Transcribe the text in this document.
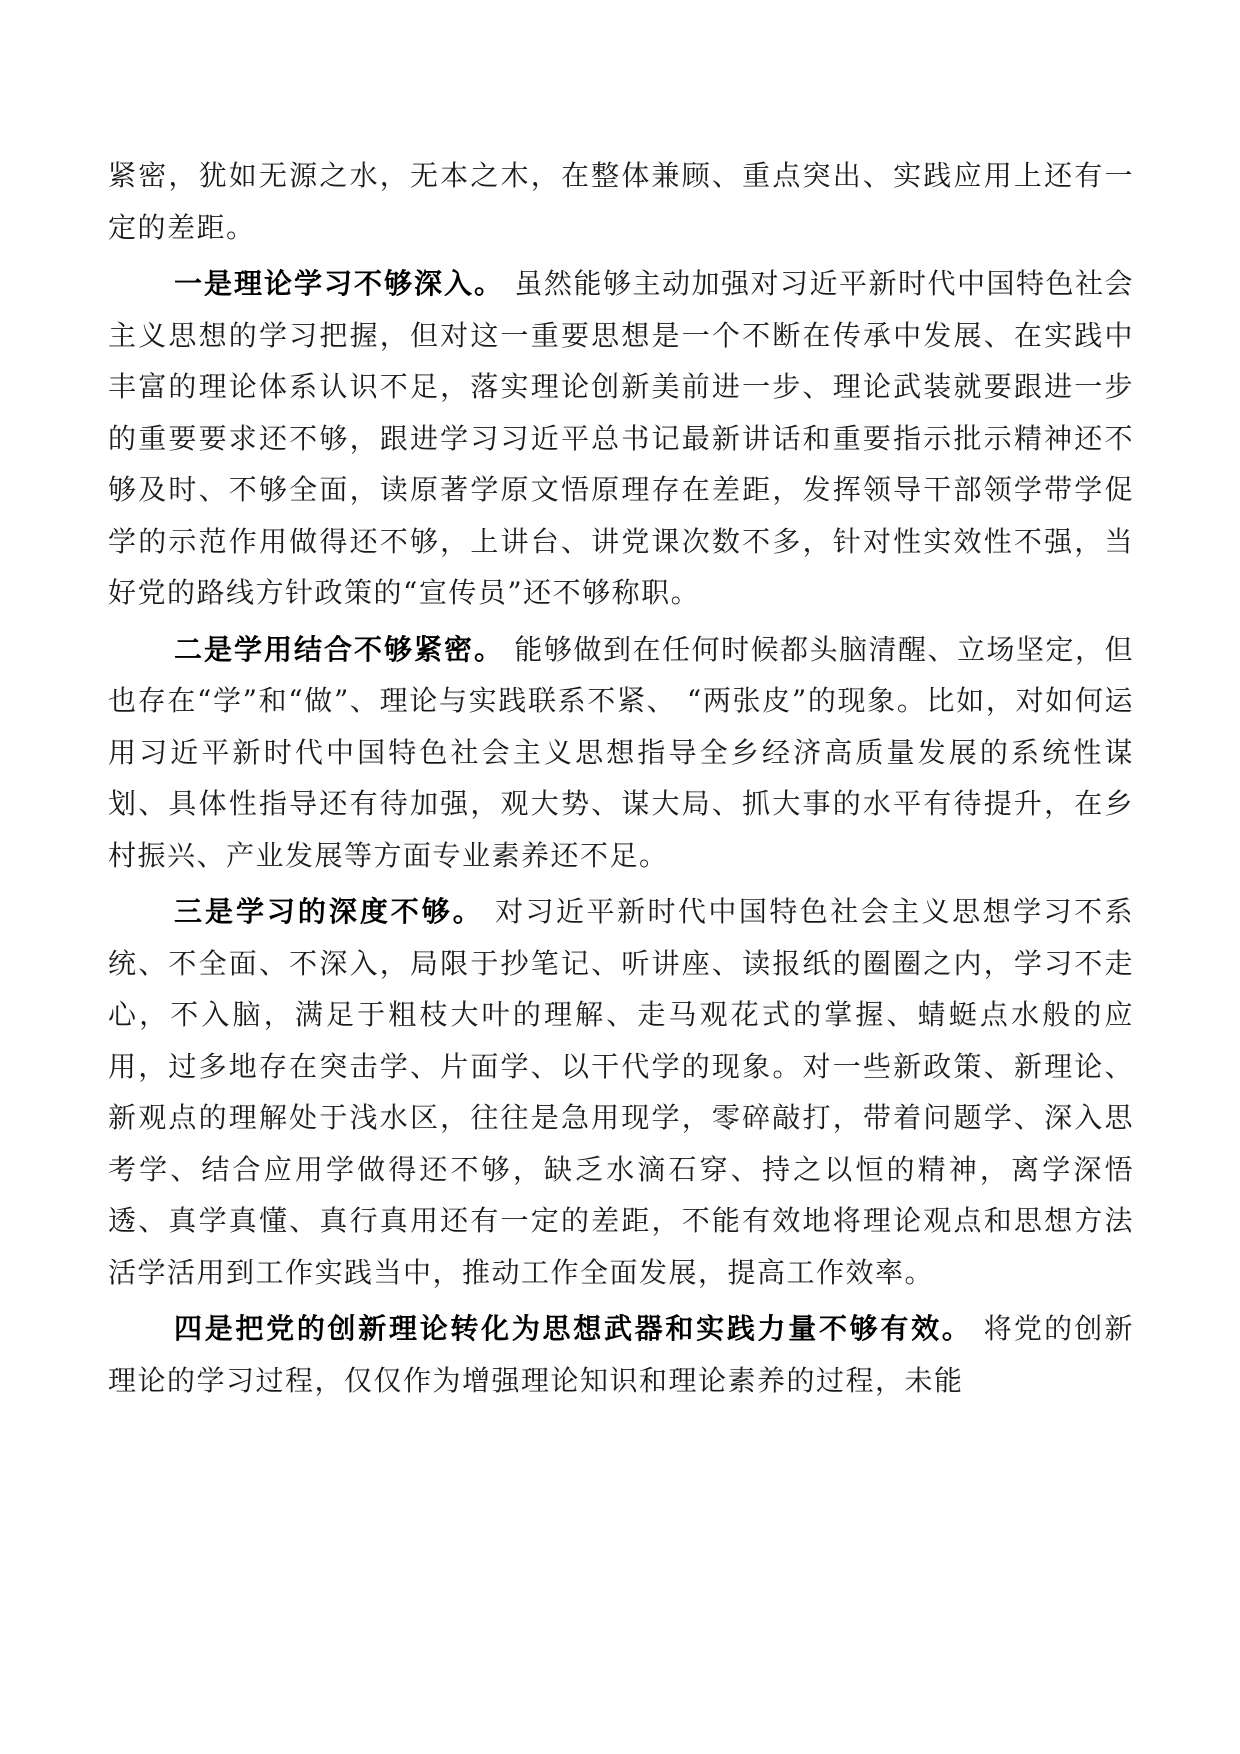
紧密，犹如无源之水，无本之木，在整体兼顾、重点突出、实践应用上还有一定的差距。

一是理论学习不够深入。 虽然能够主动加强对习近平新时代中国特色社会主义思想的学习把握，但对这一重要思想是一个不断在传承中发展、在实践中丰富的理论体系认识不足，落实理论创新美前进一步、理论武装就要跟进一步的重要要求还不够，跟进学习习近平总书记最新讲话和重要指示批示精神还不够及时、不够全面，读原著学原文悟原理存在差距，发挥领导干部领学带学促学的示范作用做得还不够，上讲台、讲党课次数不多，针对性实效性不强，当好党的路线方针政策的“宣传员”还不够称职。

二是学用结合不够紧密。 能够做到在任何时候都头脑清醒、立场坚定，但也存在“学”和“做”、理论与实践联系不紧、 “两张皮”的现象。比如，对如何运用习近平新时代中国特色社会主义思想指导全乡经济高质量发展的系统性谋划、具体性指导还有待加强，观大势、谋大局、抓大事的水平有待提升，在乡村振兴、产业发展等方面专业素养还不足。

三是学习的深度不够。 对习近平新时代中国特色社会主义思想学习不系统、不全面、不深入，局限于抄笔记、听讲座、读报纸的圈圈之内，学习不走心，不入脑，满足于粗枝大叶的理解、走马观花式的掌握、蜻蜓点水般的应用，过多地存在突击学、片面学、以干代学的现象。对一些新政策、新理论、新观点的理解处于浅水区，往往是急用现学，零碎敲打，带着问题学、深入思考学、结合应用学做得还不够，缺乏水滴石穿、持之以恒的精神，离学深悟透、真学真懂、真行真用还有一定的差距，不能有效地将理论观点和思想方法活学活用到工作实践当中，推动工作全面发展，提高工作效率。

四是把党的创新理论转化为思想武器和实践力量不够有效。 将党的创新理论的学习过程，仅仅作为增强理论知识和理论素养的过程，未能
